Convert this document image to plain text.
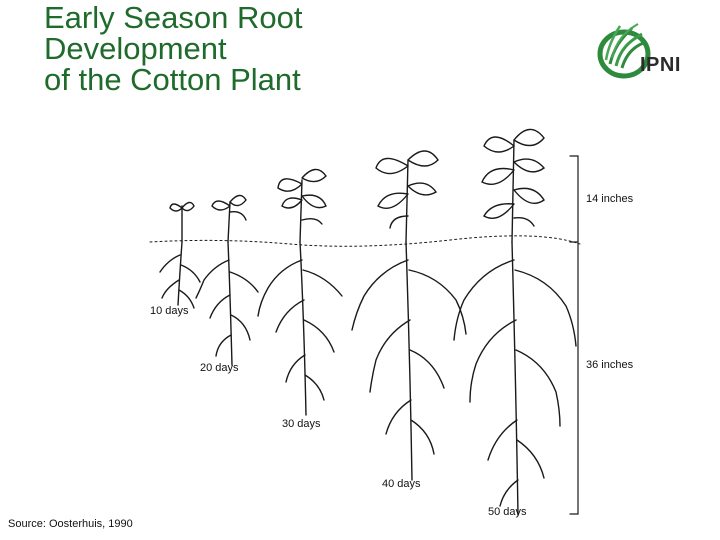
Early Season Root
Development
of the Cotton Plant	IPNI
10 days
20 days
30 days
40 days
50 days
14 inches
36 inches
Source: Oosterhuis, 1990
